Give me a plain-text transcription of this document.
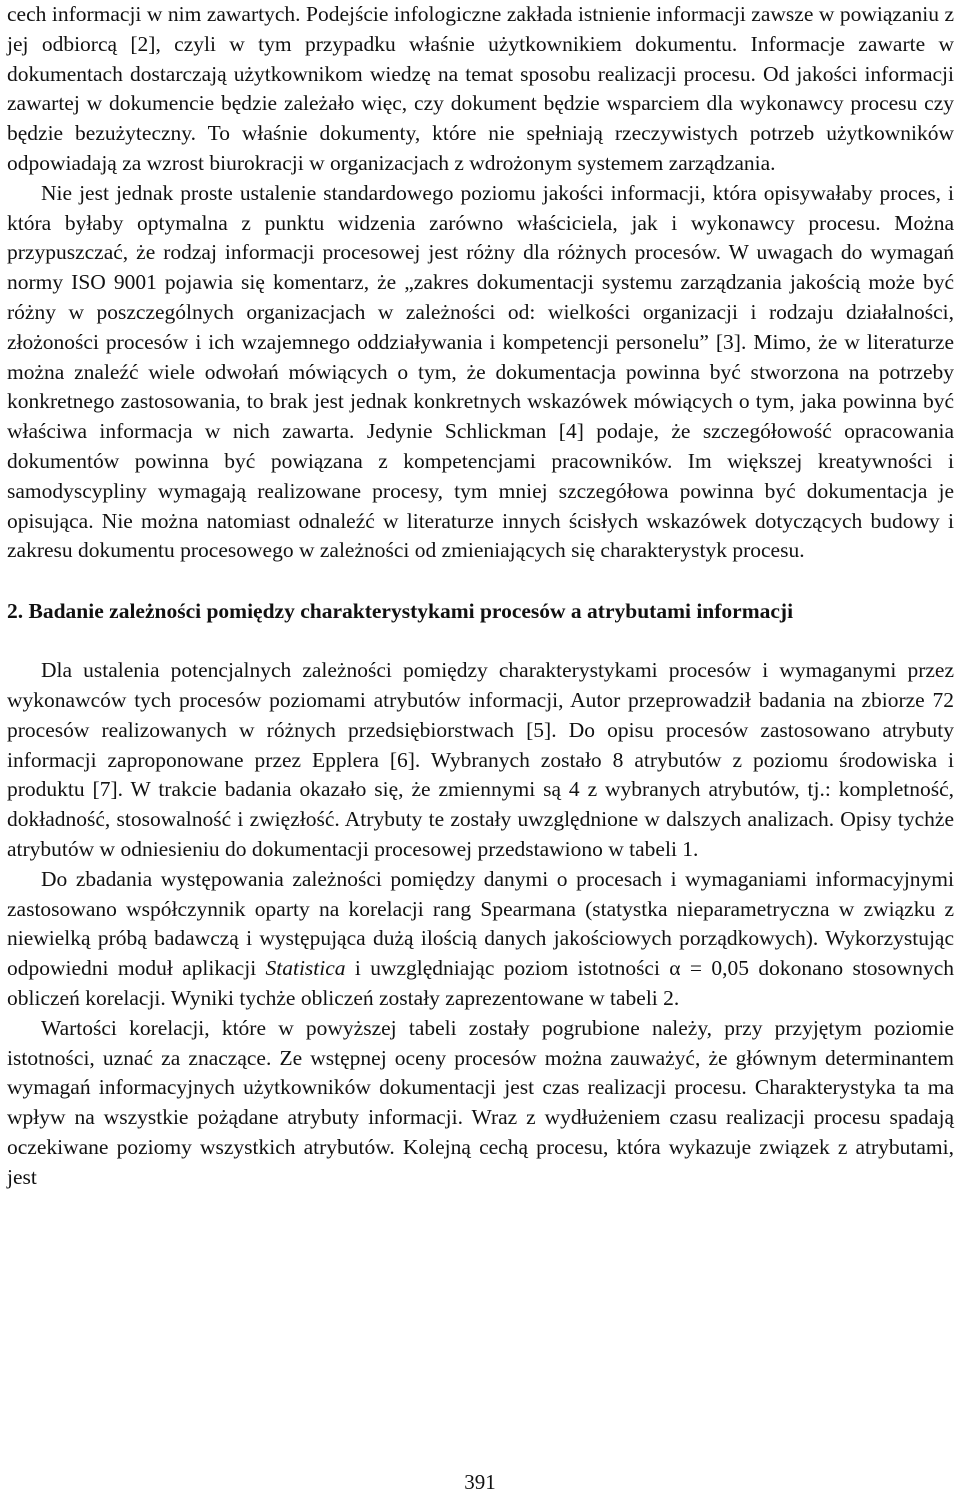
cech informacji w nim zawartych. Podejście infologiczne zakłada istnienie informacji zawsze w powiązaniu z jej odbiorcą [2], czyli w tym przypadku właśnie użytkownikiem dokumentu. Informacje zawarte w dokumentach dostarczają użytkownikom wiedzę na temat sposobu realizacji procesu. Od jakości informacji zawartej w dokumencie będzie zależało więc, czy dokument będzie wsparciem dla wykonawcy procesu czy będzie bezużyteczny. To właśnie dokumenty, które nie spełniają rzeczywistych potrzeb użytkowników odpowiadają za wzrost biurokracji w organizacjach z wdrożonym systemem zarządzania.

Nie jest jednak proste ustalenie standardowego poziomu jakości informacji, która opisywałaby proces, i która byłaby optymalna z punktu widzenia zarówno właściciela, jak i wykonawcy procesu. Można przypuszczać, że rodzaj informacji procesowej jest różny dla różnych procesów. W uwagach do wymagań normy ISO 9001 pojawia się komentarz, że „zakres dokumentacji systemu zarządzania jakością może być różny w poszczególnych organizacjach w zależności od: wielkości organizacji i rodzaju działalności, złożoności procesów i ich wzajemnego oddziaływania i kompetencji personelu” [3]. Mimo, że w literaturze można znaleźć wiele odwołań mówiących o tym, że dokumentacja powinna być stworzona na potrzeby konkretnego zastosowania, to brak jest jednak konkretnych wskazówek mówiących o tym, jaka powinna być właściwa informacja w nich zawarta. Jedynie Schlickman [4] podaje, że szczegółowość opracowania dokumentów powinna być powiązana z kompetencjami pracowników. Im większej kreatywności i samodyscypliny wymagają realizowane procesy, tym mniej szczegółowa powinna być dokumentacja je opisująca. Nie można natomiast odnaleźć w literaturze innych ścisłych wskazówek dotyczących budowy i zakresu dokumentu procesowego w zależności od zmieniających się charakterystyk procesu.

2. Badanie zależności pomiędzy charakterystykami procesów a atrybutami informacji

Dla ustalenia potencjalnych zależności pomiędzy charakterystykami procesów i wymaganymi przez wykonawców tych procesów poziomami atrybutów informacji, Autor przeprowadził badania na zbiorze 72 procesów realizowanych w różnych przedsiębiorstwach [5]. Do opisu procesów zastosowano atrybuty informacji zaproponowane przez Epplera [6]. Wybranych zostało 8 atrybutów z poziomu środowiska i produktu [7]. W trakcie badania okazało się, że zmiennymi są 4 z wybranych atrybutów, tj.: kompletność, dokładność, stosowalność i zwięzłość. Atrybuty te zostały uwzględnione w dalszych analizach. Opisy tychże atrybutów w odniesieniu do dokumentacji procesowej przedstawiono w tabeli 1.

Do zbadania występowania zależności pomiędzy danymi o procesach i wymaganiami informacyjnymi zastosowano współczynnik oparty na korelacji rang Spearmana (statystka nieparametryczna w związku z niewielką próbą badawczą i występująca dużą ilością danych jakościowych porządkowych). Wykorzystując odpowiedni moduł aplikacji Statistica i uwzględniając poziom istotności α = 0,05 dokonano stosownych obliczeń korelacji. Wyniki tychże obliczeń zostały zaprezentowane w tabeli 2.

Wartości korelacji, które w powyższej tabeli zostały pogrubione należy, przy przyjętym poziomie istotności, uznać za znaczące. Ze wstępnej oceny procesów można zauważyć, że głównym determinantem wymagań informacyjnych użytkowników dokumentacji jest czas realizacji procesu. Charakterystyka ta ma wpływ na wszystkie pożądane atrybuty informacji. Wraz z wydłużeniem czasu realizacji procesu spadają oczekiwane poziomy wszystkich atrybutów. Kolejną cechą procesu, która wykazuje związek z atrybutami, jest

391
